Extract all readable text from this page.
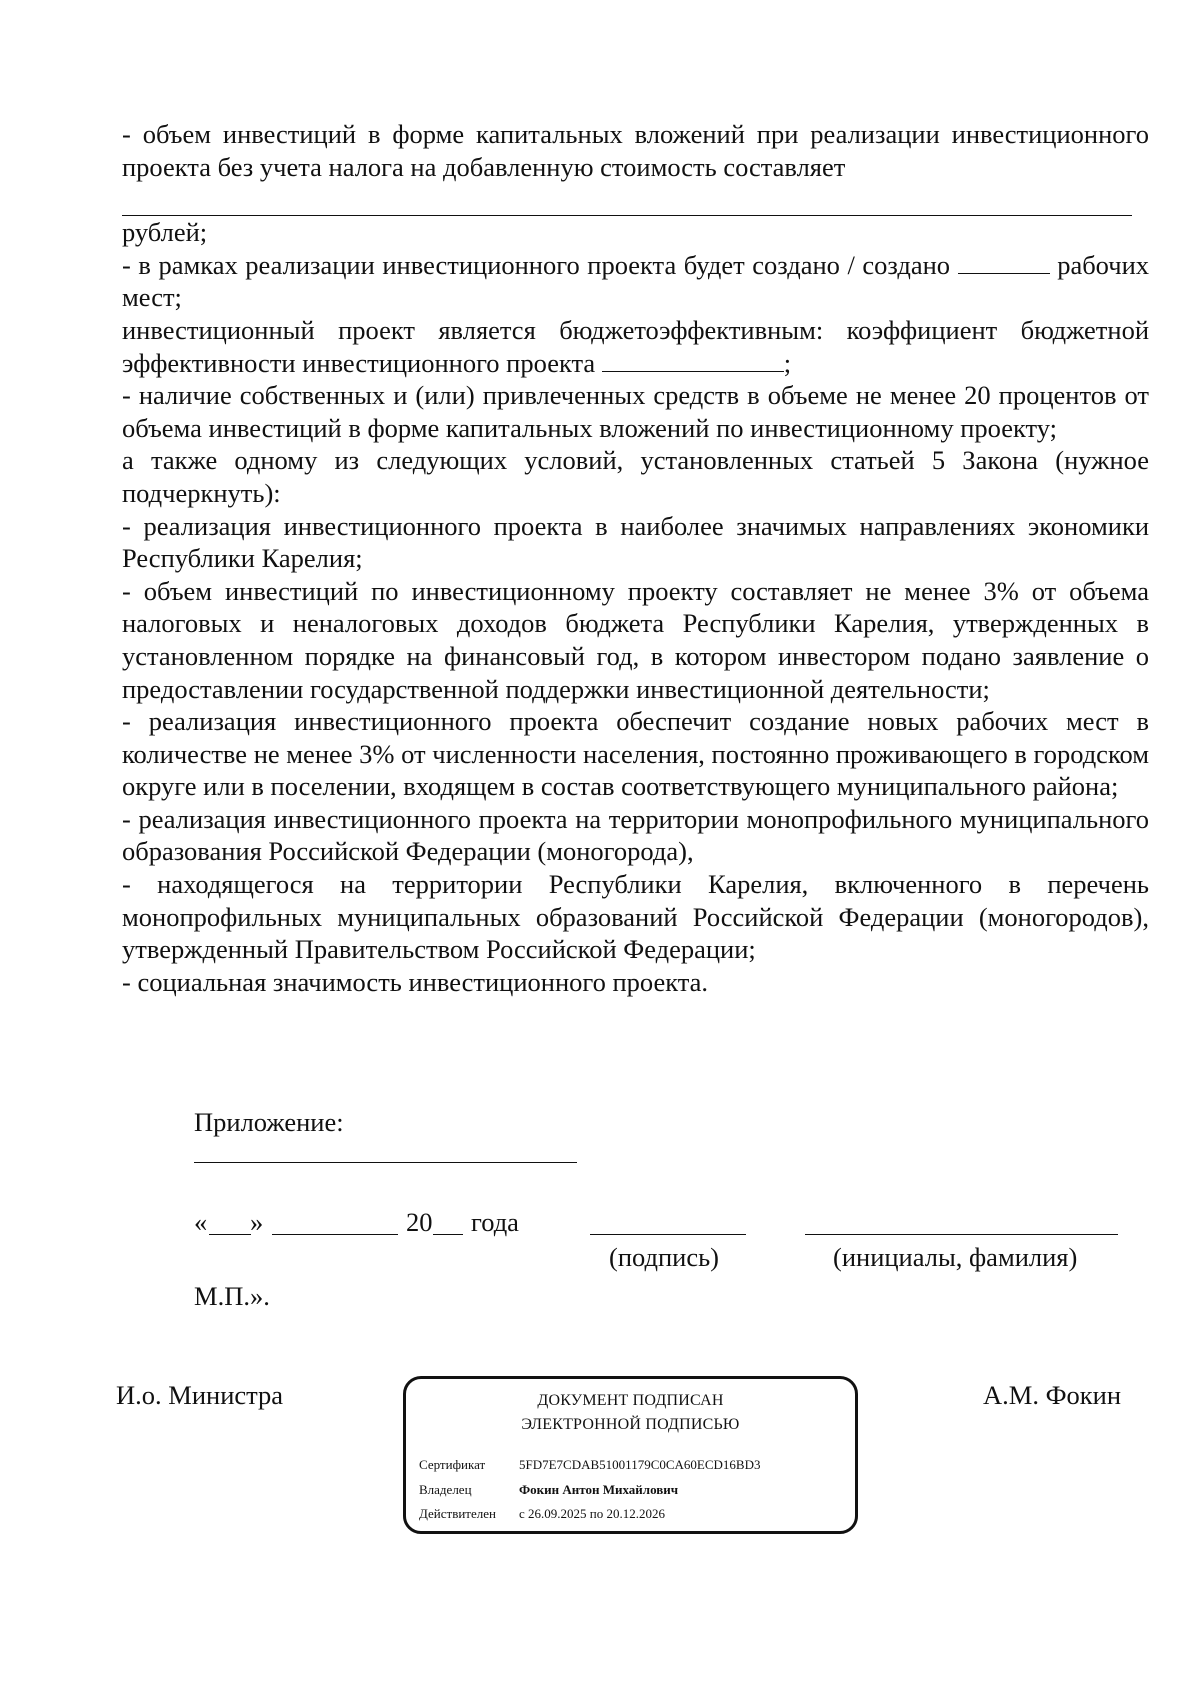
- объем инвестиций в форме капитальных вложений при реализации инвестиционного проекта без учета налога на добавленную стоимость составляет

рублей;

- в рамках реализации инвестиционного проекта будет создано / создано	рабочих мест;

инвестиционный проект является бюджетоэффективным: коэффициент бюджетной эффективности инвестиционного проекта	;

- наличие собственных и (или) привлеченных средств в объеме не менее 20 процентов от объема инвестиций в форме капитальных вложений по инвестиционному проекту;

а также одному из следующих условий, установленных статьей 5 Закона (нужное подчеркнуть):

- реализация инвестиционного проекта в наиболее значимых направлениях экономики Республики Карелия;

- объем инвестиций по инвестиционному проекту составляет не менее 3% от объема налоговых и неналоговых доходов бюджета Республики Карелия, утвержденных в установленном порядке на финансовый год, в котором инвестором подано заявление о предоставлении государственной поддержки инвестиционной деятельности;

- реализация инвестиционного проекта обеспечит создание новых рабочих мест в количестве не менее 3% от численности населения, постоянно проживающего в городском округе или в поселении, входящем в состав соответствующего муниципального района;

- реализация инвестиционного проекта на территории монопрофильного муниципального образования Российской Федерации (моногорода),

- находящегося на территории Республики Карелия, включенного в перечень монопрофильных муниципальных образований Российской Федерации (моногородов), утвержденный Правительством Российской Федерации;

- социальная значимость инвестиционного проекта.

Приложение:
« »	20 года
(подпись)	(инициалы, фамилия)
М.П.».
И.о. Министра	А.М. Фокин
ДОКУМЕНТ ПОДПИСАН
ЭЛЕКТРОННОЙ ПОДПИСЬЮ
Сертификат	5FD7E7CDAB51001179C0CA60ECD16BD3
Владелец	Фокин Антон Михайлович
Действителен с 26.09.2025 по 20.12.2026
